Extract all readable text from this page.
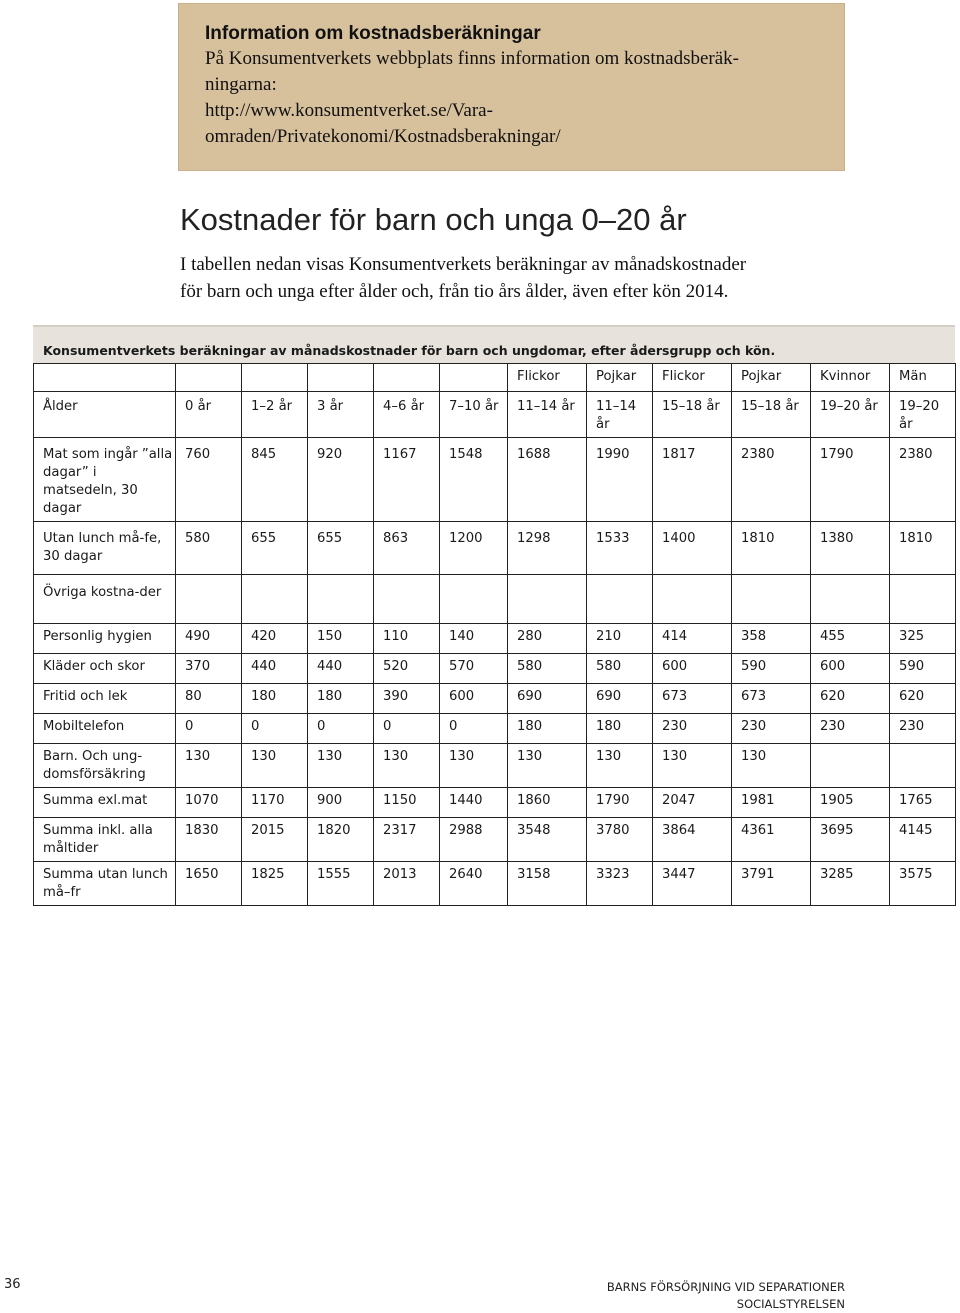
Information om kostnadsberäkningar

På Konsumentverkets webbplats finns information om kostnadsberäk-
ningarna:
http://www.konsumentverket.se/Vara-
omraden/Privatekonomi/Kostnadsberakningar/

Kostnader för barn och unga 0–20 år

I tabellen nedan visas Konsumentverkets beräkningar av månadskostnader
för barn och unga efter ålder och, från tio års ålder, även efter kön 2014.

Konsumentverkets beräkningar av månadskostnader för barn och ungdomar, efter ådersgrupp och kön.
						Flickor	Pojkar	Flickor	Pojkar	Kvinnor	Män
Ålder	0 år	1–2 år	3 år	4–6 år	7–10 år	11–14 år	11–14 år	15–18 år	15–18 år	19–20 år	19–20 år
Mat som ingår ”alla dagar” i matsedeln, 30 dagar	760	845	920	1167	1548	1688	1990	1817	2380	1790	2380
Utan lunch må-fe, 30 dagar	580	655	655	863	1200	1298	1533	1400	1810	1380	1810
Övriga kostna-der											
Personlig hygien	490	420	150	110	140	280	210	414	358	455	325
Kläder och skor	370	440	440	520	570	580	580	600	590	600	590
Fritid och lek	80	180	180	390	600	690	690	673	673	620	620
Mobiltelefon	0	0	0	0	0	180	180	230	230	230	230
Barn. Och ung-domsförsäkring	130	130	130	130	130	130	130	130	130		
Summa exl.mat	1070	1170	900	1150	1440	1860	1790	2047	1981	1905	1765
Summa inkl. alla måltider	1830	2015	1820	2317	2988	3548	3780	3864	4361	3695	4145
Summa utan lunch må–fr	1650	1825	1555	2013	2640	3158	3323	3447	3791	3285	3575
36	BARNS FÖRSÖRJNING VID SEPARATIONER
SOCIALSTYRELSEN
